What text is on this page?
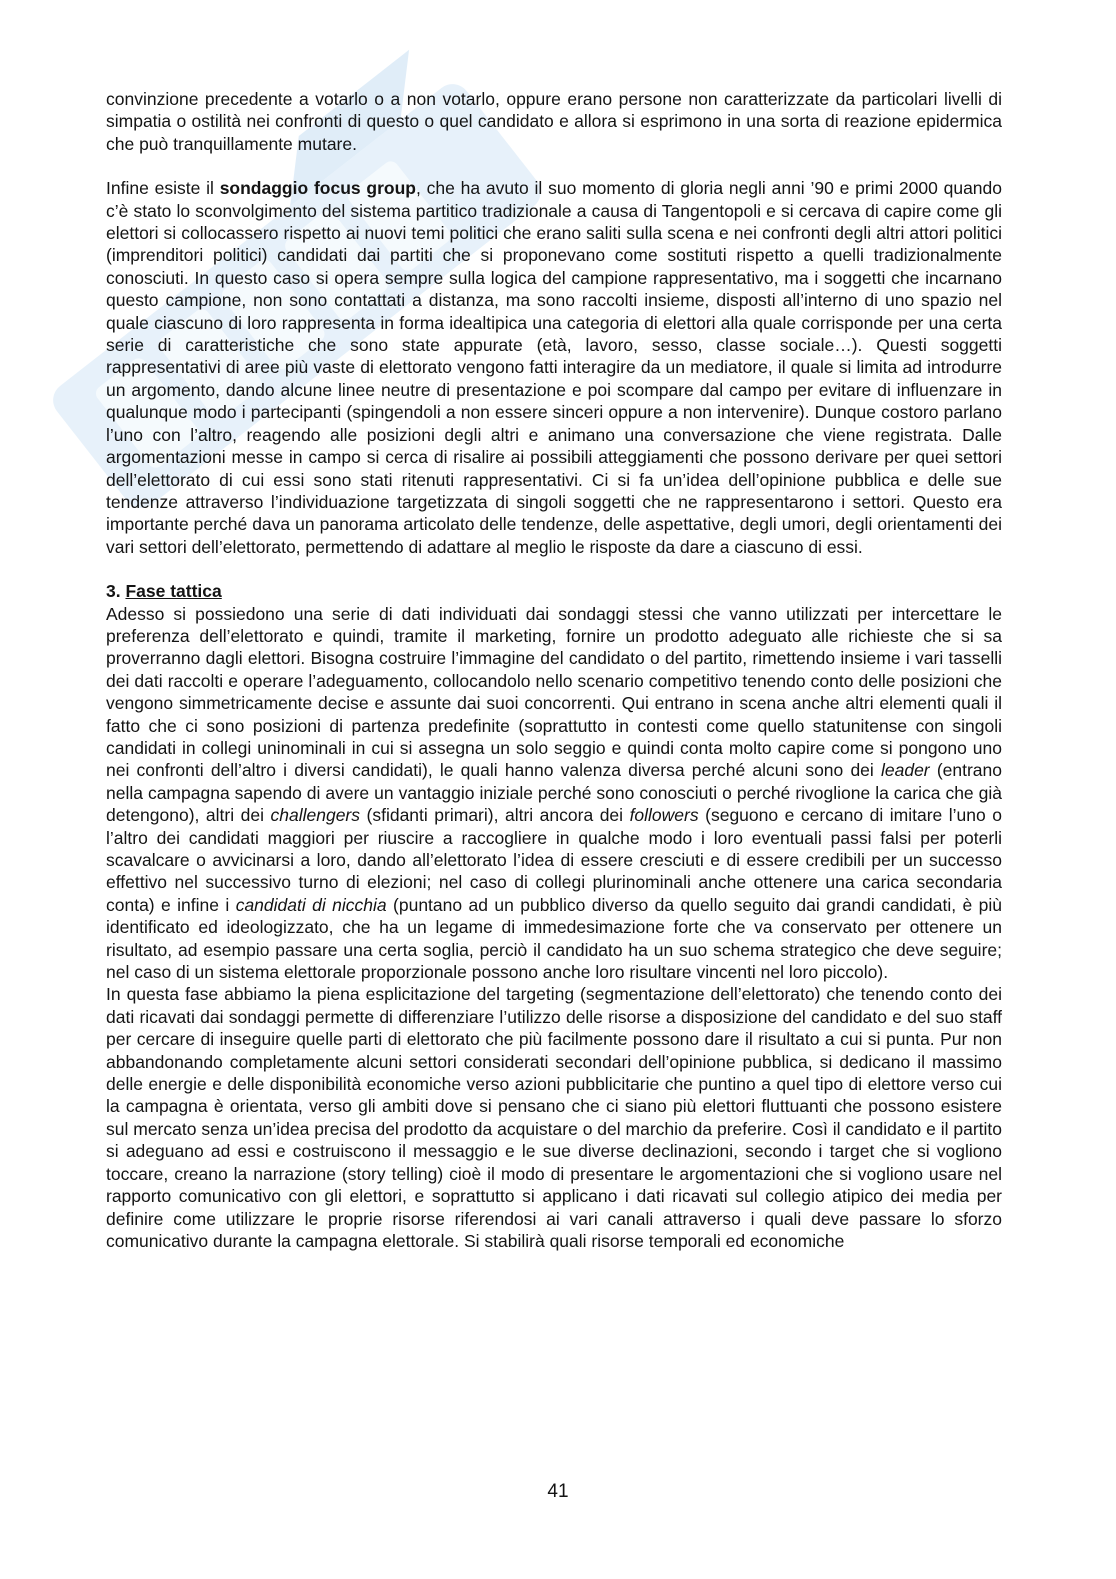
convinzione precedente a votarlo o a non votarlo, oppure erano persone non caratterizzate da particolari livelli di simpatia o ostilità nei confronti di questo o quel candidato e allora si esprimono in una sorta di reazione epidermica che può tranquillamente mutare.

Infine esiste il sondaggio focus group, che ha avuto il suo momento di gloria negli anni ’90 e primi 2000 quando c’è stato lo sconvolgimento del sistema partitico tradizionale a causa di Tangentopoli e si cercava di capire come gli elettori si collocassero rispetto ai nuovi temi politici che erano saliti sulla scena e nei confronti degli altri attori politici (imprenditori politici) candidati dai partiti che si proponevano come sostituti rispetto a quelli tradizionalmente conosciuti. In questo caso si opera sempre sulla logica del campione rappresentativo, ma i soggetti che incarnano questo campione, non sono contattati a distanza, ma sono raccolti insieme, disposti all’interno di uno spazio nel quale ciascuno di loro rappresenta in forma idealtipica una categoria di elettori alla quale corrisponde per una certa serie di caratteristiche che sono state appurate (età, lavoro, sesso, classe sociale…). Questi soggetti rappresentativi di aree più vaste di elettorato vengono fatti interagire da un mediatore, il quale si limita ad introdurre un argomento, dando alcune linee neutre di presentazione e poi scompare dal campo per evitare di influenzare in qualunque modo i partecipanti (spingendoli a non essere sinceri oppure a non intervenire). Dunque costoro parlano l’uno con l’altro, reagendo alle posizioni degli altri e animano una conversazione che viene registrata. Dalle argomentazioni messe in campo si cerca di risalire ai possibili atteggiamenti che possono derivare per quei settori dell’elettorato di cui essi sono stati ritenuti rappresentativi. Ci si fa un’idea dell’opinione pubblica e delle sue tendenze attraverso l’individuazione targetizzata di singoli soggetti che ne rappresentarono i settori. Questo era importante perché dava un panorama articolato delle tendenze, delle aspettative, degli umori, degli orientamenti dei vari settori dell’elettorato, permettendo di adattare al meglio le risposte da dare a ciascuno di essi.

3. Fase tattica

Adesso si possiedono una serie di dati individuati dai sondaggi stessi che vanno utilizzati per intercettare le preferenza dell’elettorato e quindi, tramite il marketing, fornire un prodotto adeguato alle richieste che si sa proverranno dagli elettori. Bisogna costruire l’immagine del candidato o del partito, rimettendo insieme i vari tasselli dei dati raccolti e operare l’adeguamento, collocandolo nello scenario competitivo tenendo conto delle posizioni che vengono simmetricamente decise e assunte dai suoi concorrenti. Qui entrano in scena anche altri elementi quali il fatto che ci sono posizioni di partenza predefinite (soprattutto in contesti come quello statunitense con singoli candidati in collegi uninominali in cui si assegna un solo seggio e quindi conta molto capire come si pongono uno nei confronti dell’altro i diversi candidati), le quali hanno valenza diversa perché alcuni sono dei leader (entrano nella campagna sapendo di avere un vantaggio iniziale perché sono conosciuti o perché rivoglione la carica che già detengono), altri dei challengers (sfidanti primari), altri ancora dei followers (seguono e cercano di imitare l’uno o l’altro dei candidati maggiori per riuscire a raccogliere in qualche modo i loro eventuali passi falsi per poterli scavalcare o avvicinarsi a loro, dando all’elettorato l’idea di essere cresciuti e di essere credibili per un successo effettivo nel successivo turno di elezioni; nel caso di collegi plurinominali anche ottenere una carica secondaria conta) e infine i candidati di nicchia (puntano ad un pubblico diverso da quello seguito dai grandi candidati, è più identificato ed ideologizzato, che ha un legame di immedesimazione forte che va conservato per ottenere un risultato, ad esempio passare una certa soglia, perciò il candidato ha un suo schema strategico che deve seguire; nel caso di un sistema elettorale proporzionale possono anche loro risultare vincenti nel loro piccolo).

In questa fase abbiamo la piena esplicitazione del targeting (segmentazione dell’elettorato) che tenendo conto dei dati ricavati dai sondaggi permette di differenziare l’utilizzo delle risorse a disposizione del candidato e del suo staff per cercare di inseguire quelle parti di elettorato che più facilmente possono dare il risultato a cui si punta. Pur non abbandonando completamente alcuni settori considerati secondari dell’opinione pubblica, si dedicano il massimo delle energie e delle disponibilità economiche verso azioni pubblicitarie che puntino a quel tipo di elettore verso cui la campagna è orientata, verso gli ambiti dove si pensano che ci siano più elettori fluttuanti che possono esistere sul mercato senza un’idea precisa del prodotto da acquistare o del marchio da preferire. Così il candidato e il partito si adeguano ad essi e costruiscono il messaggio e le sue diverse declinazioni, secondo i target che si vogliono toccare, creano la narrazione (story telling) cioè il modo di presentare le argomentazioni che si vogliono usare nel rapporto comunicativo con gli elettori, e soprattutto si applicano i dati ricavati sul collegio atipico dei media per definire come utilizzare le proprie risorse riferendosi ai vari canali attraverso i quali deve passare lo sforzo comunicativo durante la campagna elettorale. Si stabilirà quali risorse temporali ed economiche

41
